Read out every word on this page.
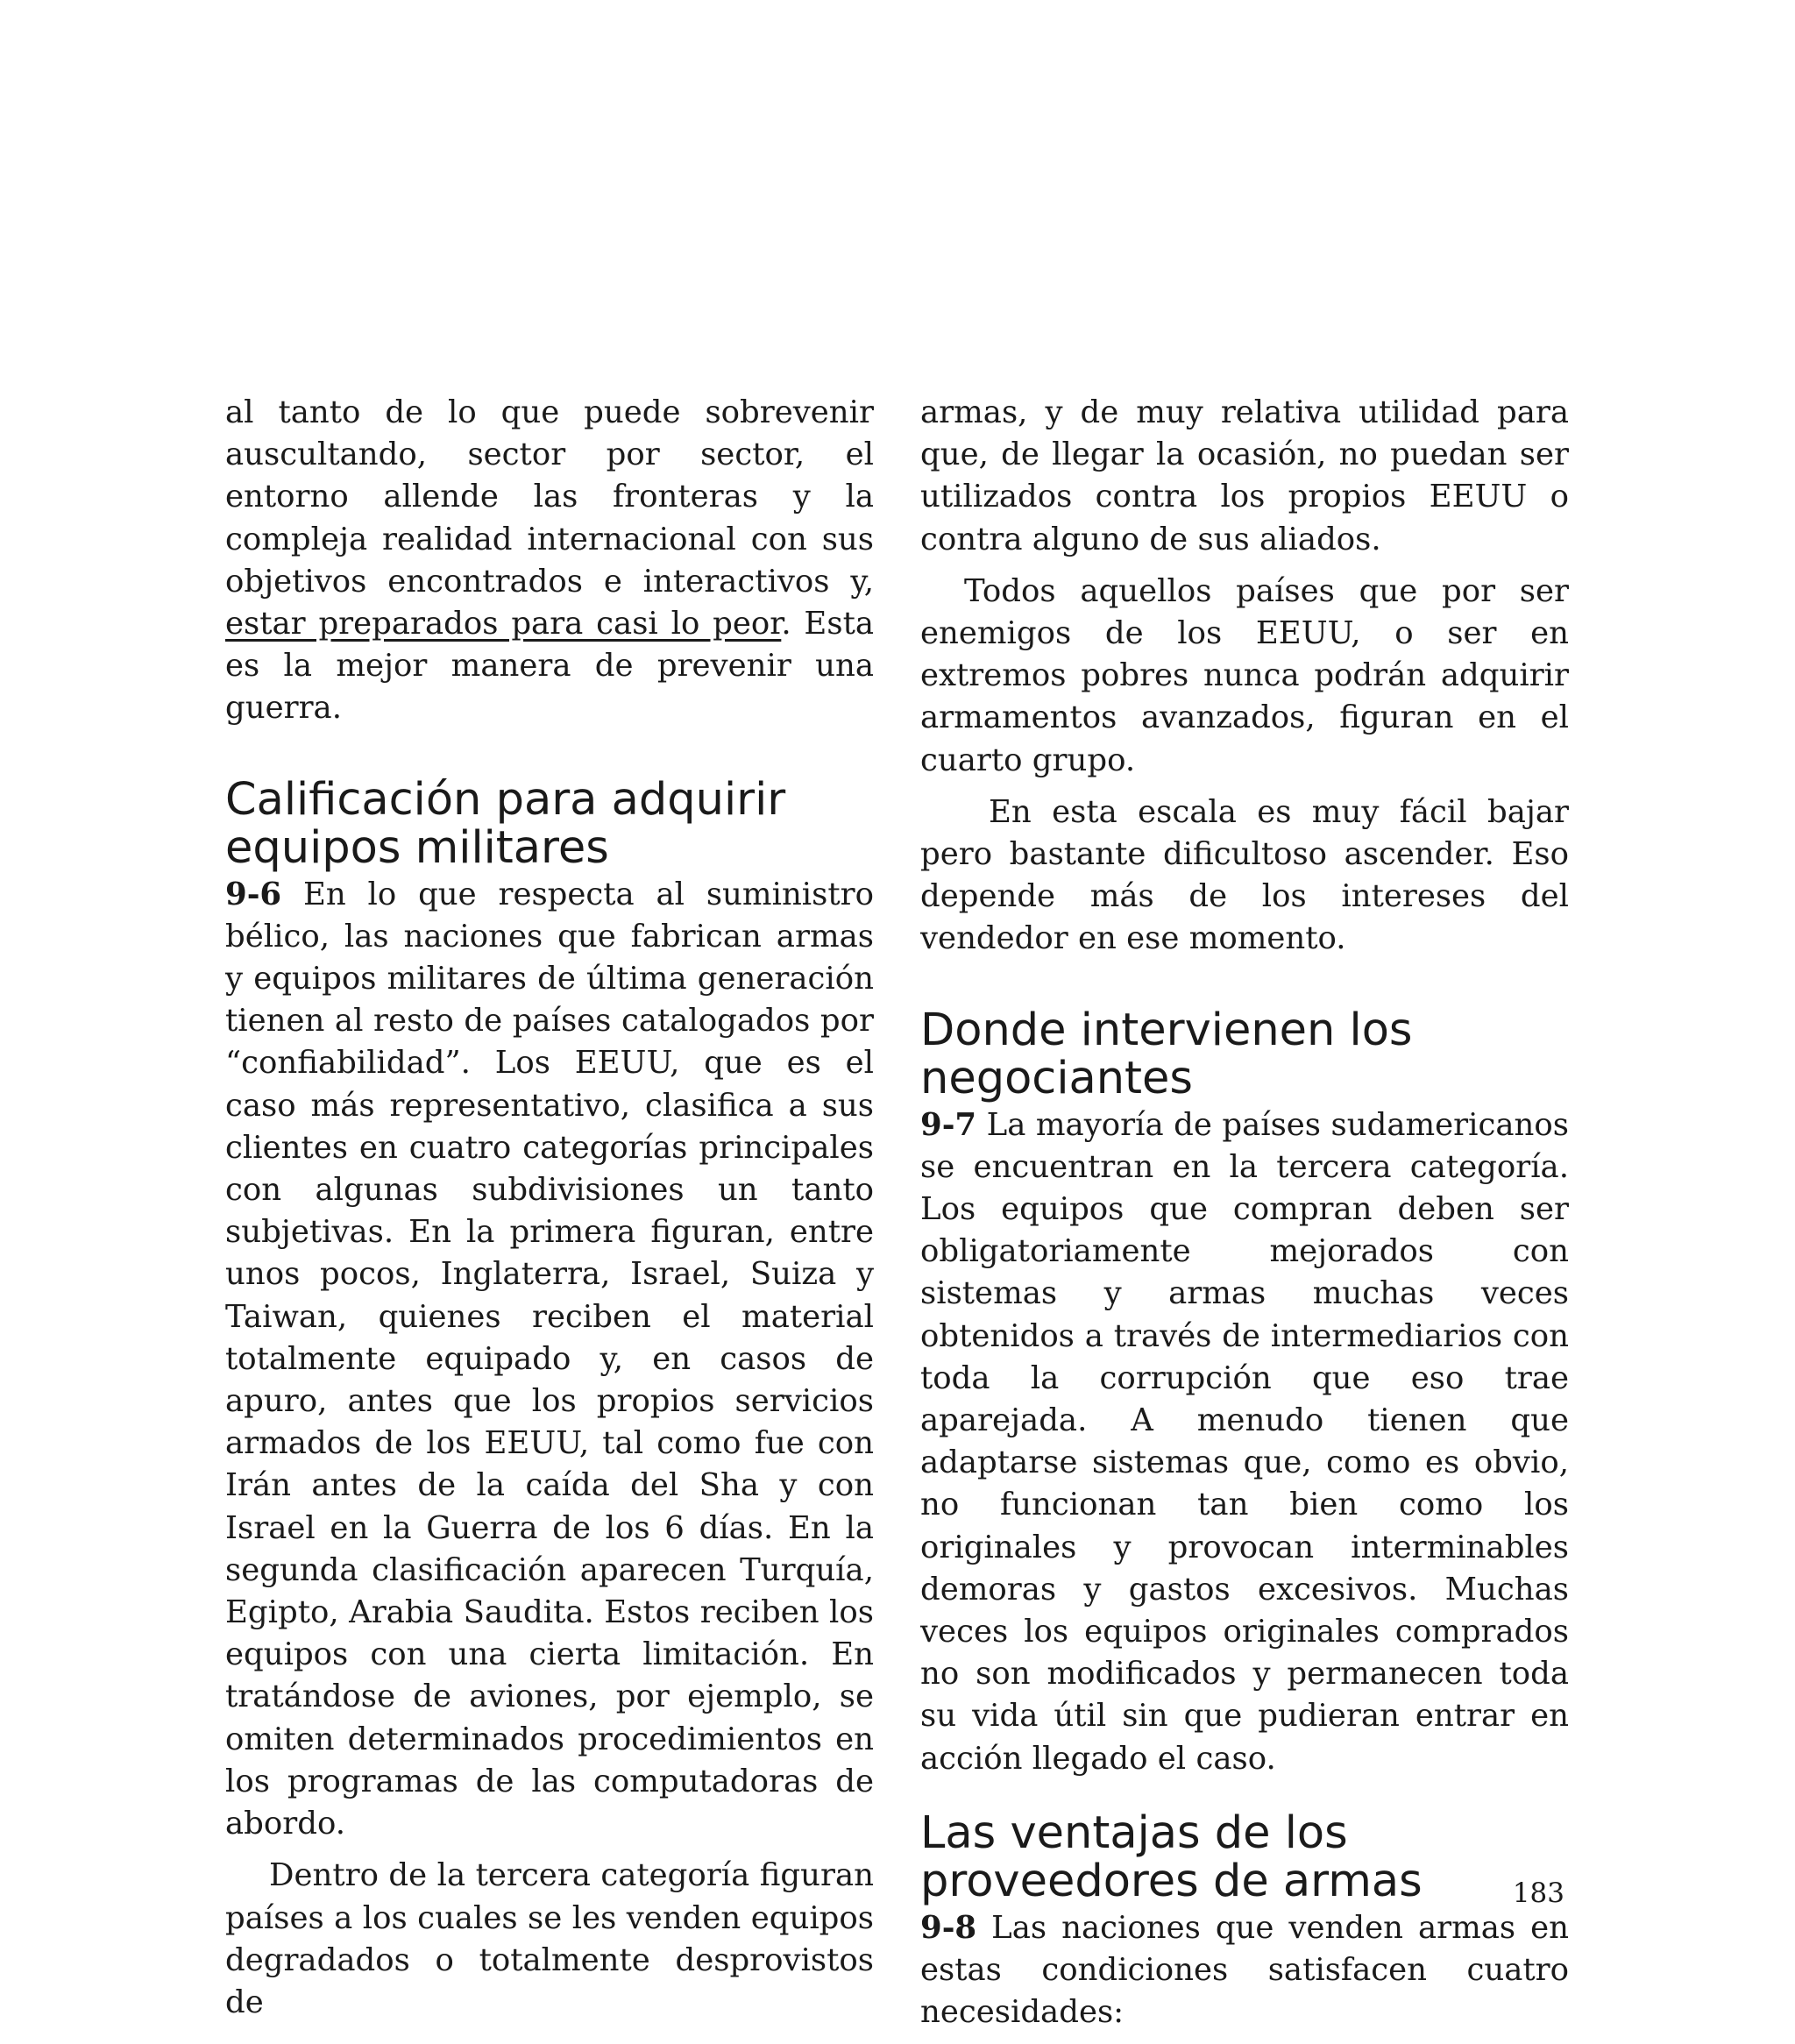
al tanto de lo que puede sobrevenir auscultando, sector por sector, el entorno allende las fronteras y la compleja realidad internacional con sus objetivos encontrados e interactivos y, estar preparados para casi lo peor. Esta es la mejor manera de prevenir una guerra.

Calificación para adquirir equipos militares

9-6 En lo que respecta al suministro bélico, las naciones que fabrican armas y equipos militares de última generación tienen al resto de países catalogados por “confiabilidad”. Los EEUU, que es el caso más representativo, clasifica a sus clientes en cuatro categorías principales con algunas subdivisiones un tanto subjetivas. En la primera figuran, entre unos pocos, Inglaterra, Israel, Suiza y Taiwan, quienes reciben el material totalmente equipado y, en casos de apuro, antes que los propios servicios armados de los EEUU, tal como fue con Irán antes de la caída del Sha y con Israel en la Guerra de los 6 días. En la segunda clasificación aparecen Turquía, Egipto, Arabia Saudita. Estos reciben los equipos con una cierta limitación. En tratándose de aviones, por ejemplo, se omiten determinados procedimientos en los programas de las computadoras de abordo.

Dentro de la tercera categoría figuran países a los cuales se les venden equipos degradados o totalmente desprovistos de

armas, y de muy relativa utilidad para que, de llegar la ocasión, no puedan ser utilizados contra los propios EEUU o contra alguno de sus aliados.

Todos aquellos países que por ser enemigos de los EEUU, o ser en extremos pobres nunca podrán adquirir armamentos avanzados, figuran en el cuarto grupo.

En esta escala es muy fácil bajar pero bastante dificultoso ascender. Eso depende más de los intereses del vendedor en ese momento.

Donde intervienen los negociantes

9-7 La mayoría de países sudamericanos se encuentran en la tercera categoría. Los equipos que compran deben ser obligatoriamente mejorados con sistemas y armas muchas veces obtenidos a través de intermediarios con toda la corrupción que eso trae aparejada. A menudo tienen que adaptarse sistemas que, como es obvio, no funcionan tan bien como los originales y provocan interminables demoras y gastos excesivos. Muchas veces los equipos originales comprados no son modificados y permanecen toda su vida útil sin que pudieran entrar en acción llegado el caso.

Las ventajas de los proveedores de armas

9-8 Las naciones que venden armas en estas condiciones satisfacen cuatro necesidades:

183
